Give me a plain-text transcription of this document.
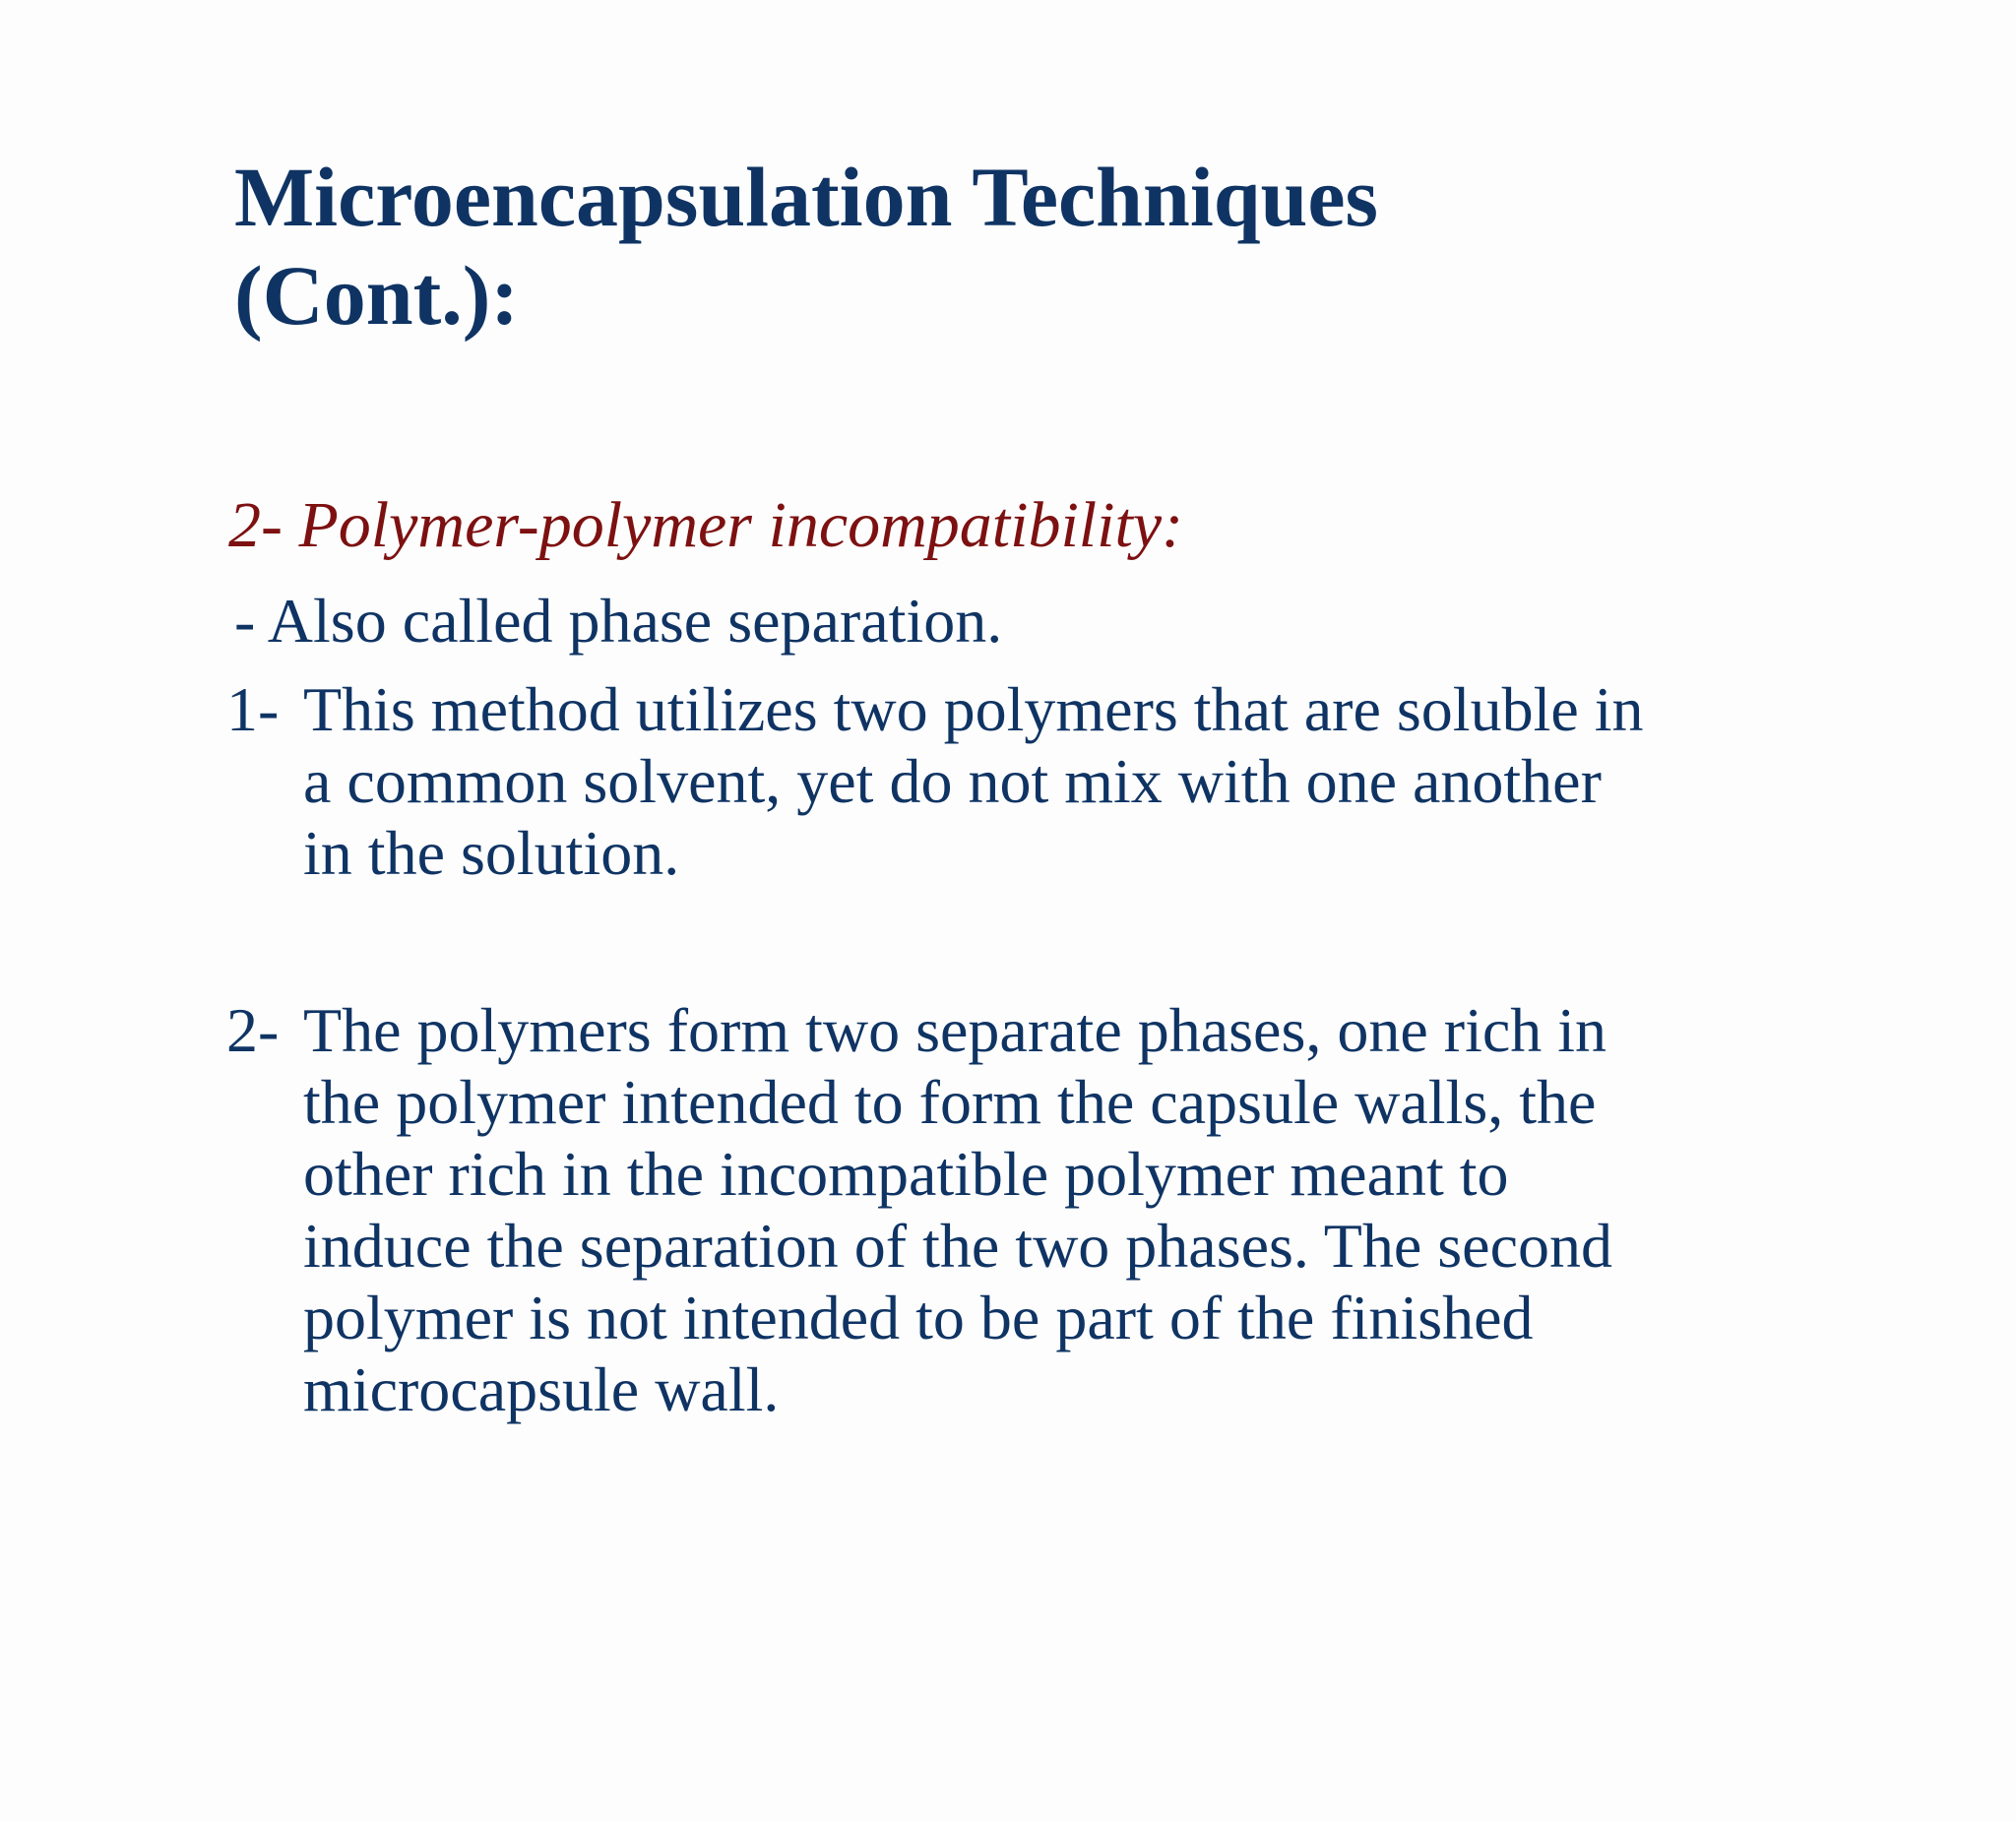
Microencapsulation Techniques
(Cont.):

2- Polymer-polymer incompatibility:

- Also called phase separation.

1- This method utilizes two polymers that are soluble in
a common solvent, yet do not mix with one another
in the solution.
2- The polymers form two separate phases, one rich in
the polymer intended to form the capsule walls, the
other rich in the incompatible polymer meant to
induce the separation of the two phases. The second
polymer is not intended to be part of the finished
microcapsule wall.
